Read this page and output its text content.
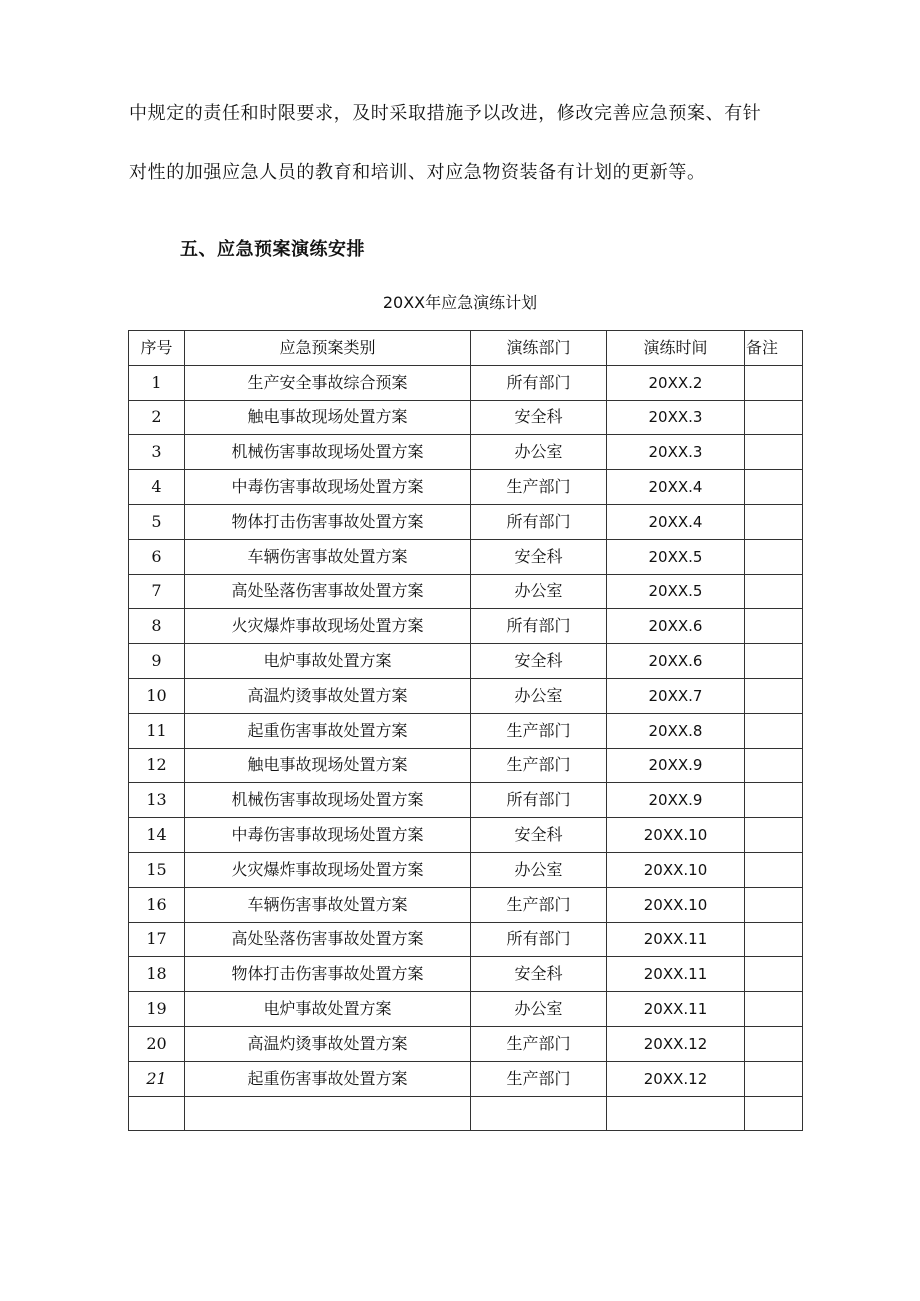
中规定的责任和时限要求，及时采取措施予以改进，修改完善应急预案、有针

对性的加强应急人员的教育和培训、对应急物资装备有计划的更新等。

五、应急预案演练安排

20XX年应急演练计划

序号	应急预案类别	演练部门	演练时间	备注
1	生产安全事故综合预案	所有部门	20XX.2	
2	触电事故现场处置方案	安全科	20XX.3	
3	机械伤害事故现场处置方案	办公室	20XX.3	
4	中毒伤害事故现场处置方案	生产部门	20XX.4	
5	物体打击伤害事故处置方案	所有部门	20XX.4	
6	车辆伤害事故处置方案	安全科	20XX.5	
7	高处坠落伤害事故处置方案	办公室	20XX.5	
8	火灾爆炸事故现场处置方案	所有部门	20XX.6	
9	电炉事故处置方案	安全科	20XX.6	
10	高温灼烫事故处置方案	办公室	20XX.7	
11	起重伤害事故处置方案	生产部门	20XX.8	
12	触电事故现场处置方案	生产部门	20XX.9	
13	机械伤害事故现场处置方案	所有部门	20XX.9	
14	中毒伤害事故现场处置方案	安全科	20XX.10	
15	火灾爆炸事故现场处置方案	办公室	20XX.10	
16	车辆伤害事故处置方案	生产部门	20XX.10	
17	高处坠落伤害事故处置方案	所有部门	20XX.11	
18	物体打击伤害事故处置方案	安全科	20XX.11	
19	电炉事故处置方案	办公室	20XX.11	
20	高温灼烫事故处置方案	生产部门	20XX.12	
21	起重伤害事故处置方案	生产部门	20XX.12	
